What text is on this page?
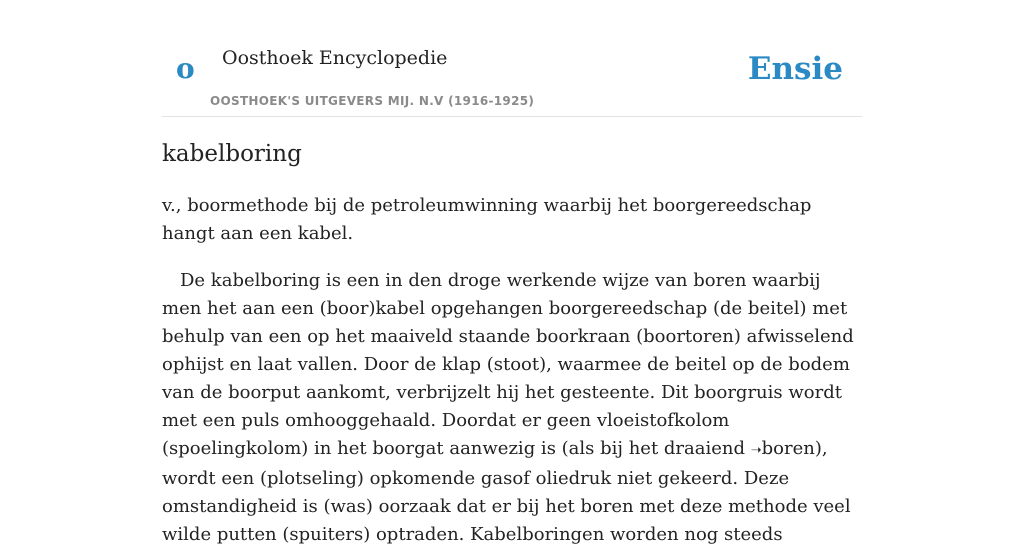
o Oosthoek Encyclopedie
OOSTHOEK'S UITGEVERS MIJ. N.V (1916-1925)
Ensie
kabelboring

v., boormethode bij de petroleumwinning waarbij het boorgereedschap hangt aan een kabel.

De kabelboring is een in den droge werkende wijze van boren waarbij men het aan een (boor)kabel opgehangen boorgereedschap (de beitel) met behulp van een op het maaiveld staande boorkraan (boortoren) afwisselend ophijst en laat vallen. Door de klap (stoot), waarmee de beitel op de bodem van de boorput aankomt, verbrijzelt hij het gesteente. Dit boorgruis wordt met een puls omhooggehaald. Doordat er geen vloeistofkolom (spoelingkolom) in het boorgat aanwezig is (als bij het draaiend ➝boren), wordt een (plotseling) opkomende gasof oliedruk niet gekeerd. Deze omstandigheid is (was) oorzaak dat er bij het boren met deze methode veel wilde putten (spuiters) optraden. Kabelboringen worden nog steeds
